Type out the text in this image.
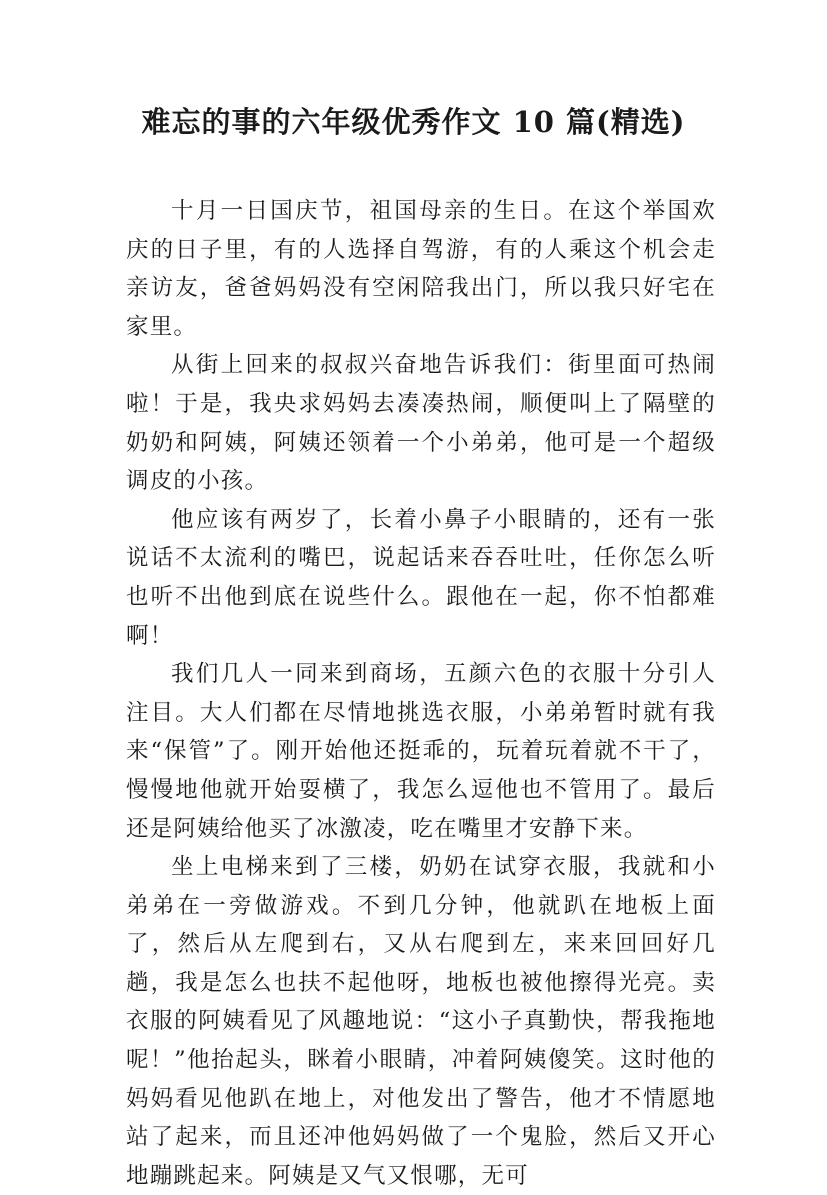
难忘的事的六年级优秀作文 10 篇(精选)

十月一日国庆节，祖国母亲的生日。在这个举国欢庆的日子里，有的人选择自驾游，有的人乘这个机会走亲访友，爸爸妈妈没有空闲陪我出门，所以我只好宅在家里。

从街上回来的叔叔兴奋地告诉我们：街里面可热闹啦！于是，我央求妈妈去凑凑热闹，顺便叫上了隔壁的奶奶和阿姨，阿姨还领着一个小弟弟，他可是一个超级调皮的小孩。

他应该有两岁了，长着小鼻子小眼睛的，还有一张说话不太流利的嘴巴，说起话来吞吞吐吐，任你怎么听也听不出他到底在说些什么。跟他在一起，你不怕都难啊！

我们几人一同来到商场，五颜六色的衣服十分引人注目。大人们都在尽情地挑选衣服，小弟弟暂时就有我来“保管”了。刚开始他还挺乖的，玩着玩着就不干了，慢慢地他就开始耍横了，我怎么逗他也不管用了。最后还是阿姨给他买了冰激凌，吃在嘴里才安静下来。

坐上电梯来到了三楼，奶奶在试穿衣服，我就和小弟弟在一旁做游戏。不到几分钟，他就趴在地板上面了，然后从左爬到右，又从右爬到左，来来回回好几趟，我是怎么也扶不起他呀，地板也被他擦得光亮。卖衣服的阿姨看见了风趣地说：“这小子真勤快，帮我拖地呢！”他抬起头，眯着小眼睛，冲着阿姨傻笑。这时他的妈妈看见他趴在地上，对他发出了警告，他才不情愿地站了起来，而且还冲他妈妈做了一个鬼脸，然后又开心地蹦跳起来。阿姨是又气又恨哪，无可
